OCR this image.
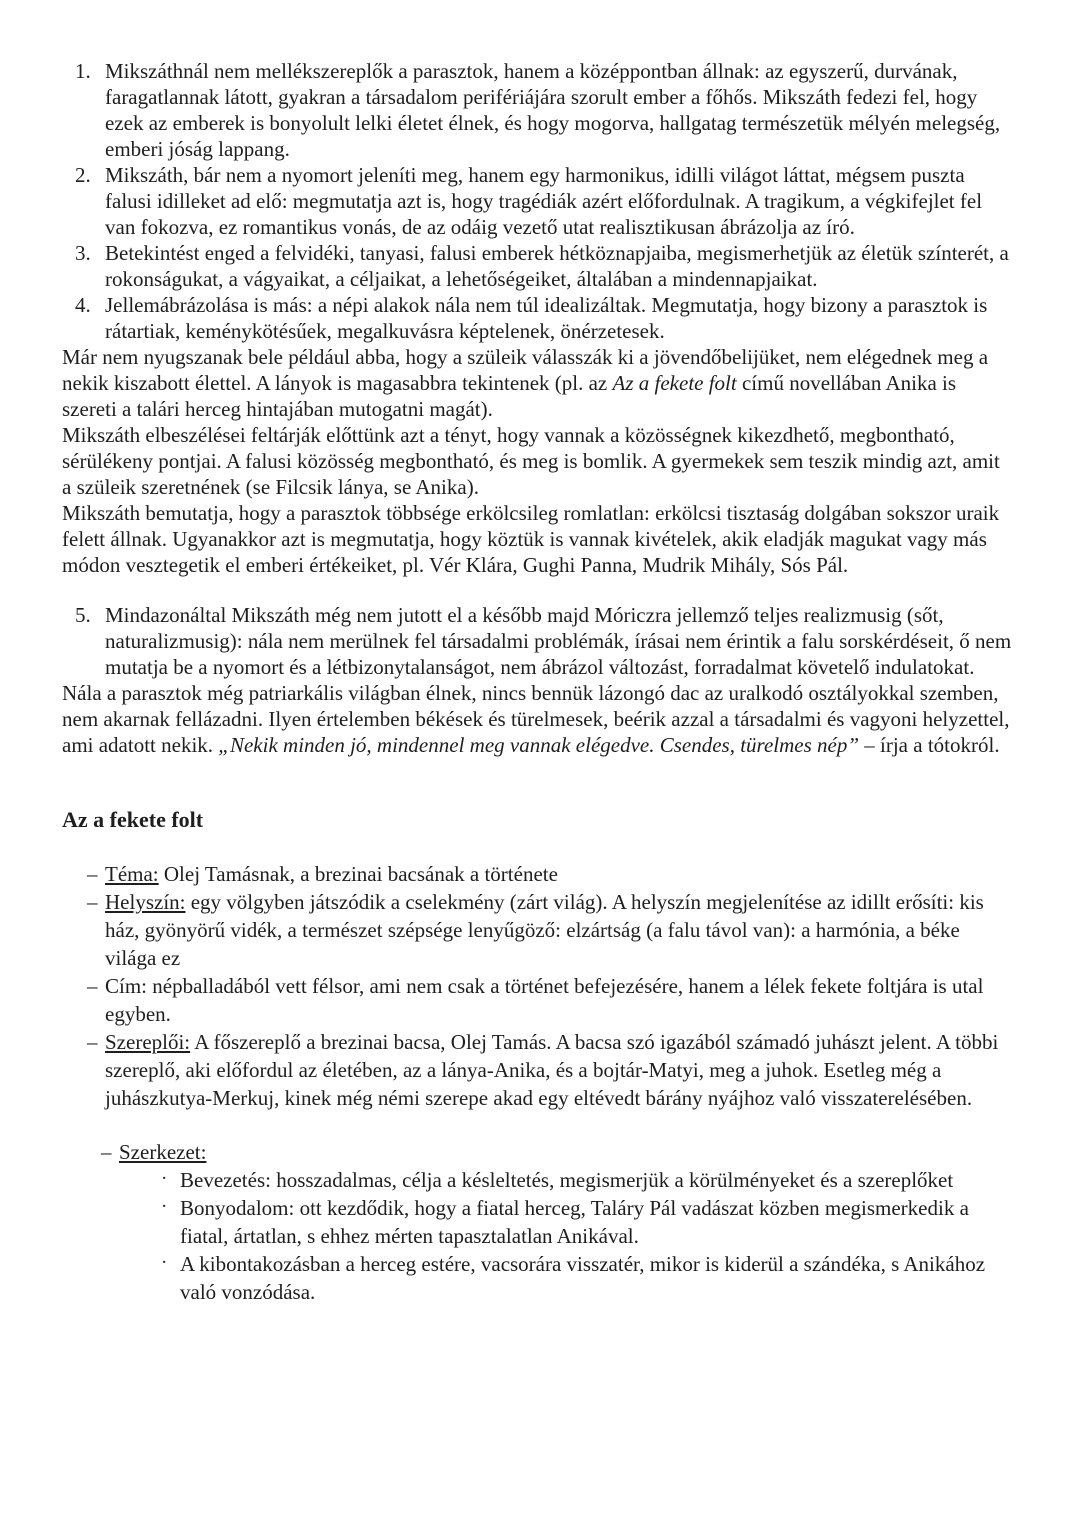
1. Mikszáthnál nem mellékszereplők a parasztok, hanem a középpontban állnak: az egyszerű, durvának, faragatlannak látott, gyakran a társadalom perifériájára szorult ember a főhős. Mikszáth fedezi fel, hogy ezek az emberek is bonyolult lelki életet élnek, és hogy mogorva, hallgatag természetük mélyén melegség, emberi jóság lappang.
2. Mikszáth, bár nem a nyomort jeleníti meg, hanem egy harmonikus, idilli világot láttat, mégsem puszta falusi idilleket ad elő: megmutatja azt is, hogy tragédiák azért előfordulnak. A tragikum, a végkifejlet fel van fokozva, ez romantikus vonás, de az odáig vezető utat realisztikusan ábrázolja az író.
3. Betekintést enged a felvidéki, tanyasi, falusi emberek hétköznapjaiba, megismerhetjük az életük színterét, a rokonságukat, a vágyaikat, a céljaikat, a lehetőségeiket, általában a mindennapjaikat.
4. Jellemábrázolása is más: a népi alakok nála nem túl idealizáltak. Megmutatja, hogy bizony a parasztok is rátartiak, keménykötésűek, megalkuvásra képtelenek, önérzetesek.

Már nem nyugszanak bele például abba, hogy a szüleik válasszák ki a jövendőbelijüket, nem elégednek meg a nekik kiszabott élettel. A lányok is magasabbra tekintenek (pl. az Az a fekete folt című novellában Anika is szereti a talári herceg hintajában mutogatni magát).

Mikszáth elbeszélései feltárják előttünk azt a tényt, hogy vannak a közösségnek kikezdhető, megbontható, sérülékeny pontjai. A falusi közösség megbontható, és meg is bomlik. A gyermekek sem teszik mindig azt, amit a szüleik szeretnének (se Filcsik lánya, se Anika).

Mikszáth bemutatja, hogy a parasztok többsége erkölcsileg romlatlan: erkölcsi tisztaság dolgában sokszor uraik felett állnak. Ugyanakkor azt is megmutatja, hogy köztük is vannak kivételek, akik eladják magukat vagy más módon vesztegetik el emberi értékeiket, pl. Vér Klára, Gughi Panna, Mudrik Mihály, Sós Pál.

5. Mindazonáltal Mikszáth még nem jutott el a később majd Móriczra jellemző teljes realizmusig (sőt, naturalizmusig): nála nem merülnek fel társadalmi problémák, írásai nem érintik a falu sorskérdéseit, ő nem mutatja be a nyomort és a létbizonytalanságot, nem ábrázol változást, forradalmat követelő indulatokat.

Nála a parasztok még patriarkális világban élnek, nincs bennük lázongó dac az uralkodó osztályokkal szemben, nem akarnak fellázadni. Ilyen értelemben békések és türelmesek, beérik azzal a társadalmi és vagyoni helyzettel, ami adatott nekik. „Nekik minden jó, mindennel meg vannak elégedve. Csendes, türelmes nép” – írja a tótokról.

Az a fekete folt
– Téma: Olej Tamásnak, a brezinai bacsának a története
– Helyszín: egy völgyben játszódik a cselekmény (zárt világ). A helyszín megjelenítése az idillt erősíti: kis ház, gyönyörű vidék, a természet szépsége lenyűgöző: elzártság (a falu távol van): a harmónia, a béke világa ez
– Cím: népballadából vett félsor, ami nem csak a történet befejezésére, hanem a lélek fekete foltjára is utal egyben.
– Szereplői: A főszereplő a brezinai bacsa, Olej Tamás. A bacsa szó igazából számadó juhászt jelent. A többi szereplő, aki előfordul az életében, az a lánya-Anika, és a bojtár-Matyi, meg a juhok. Esetleg még a juhászkutya-Merkuj, kinek még némi szerepe akad egy eltévedt bárány nyájhoz való visszaterelésében.
– Szerkezet:
· Bevezetés: hosszadalmas, célja a késleltetés, megismerjük a körülményeket és a szereplőket
· Bonyodalom: ott kezdődik, hogy a fiatal herceg, Taláry Pál vadászat közben megismerkedik a fiatal, ártatlan, s ehhez mérten tapasztalatlan Anikával.
· A kibontakozásban a herceg estére, vacsorára visszatér, mikor is kiderül a szándéka, s Anikához való vonzódása.
